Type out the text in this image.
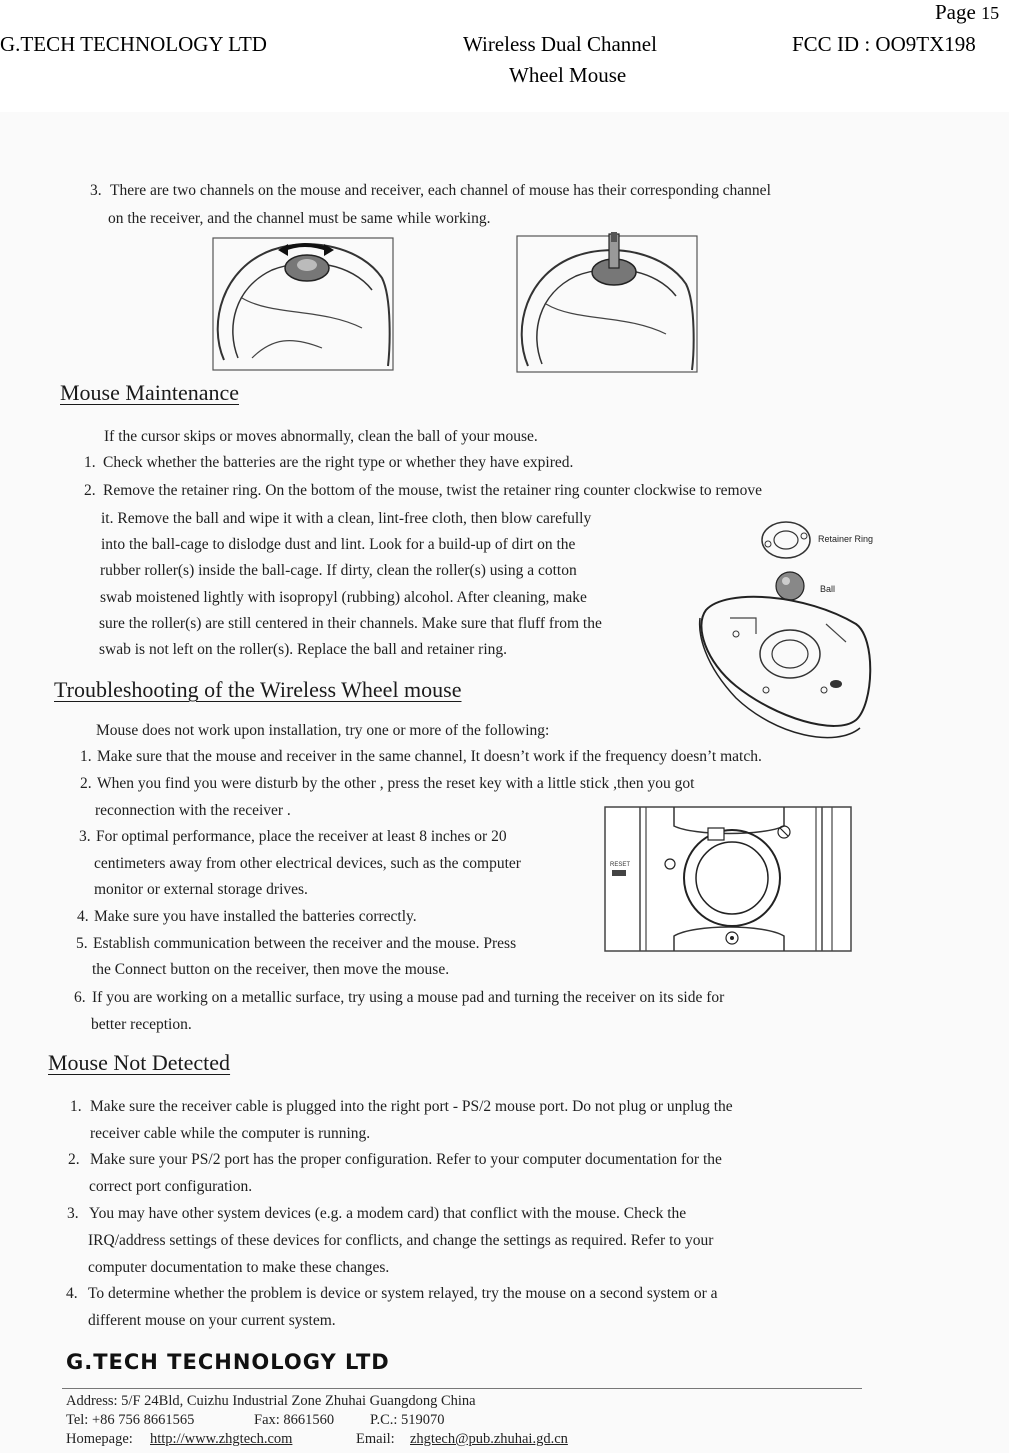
Page 15
G.TECH TECHNOLOGY LTD	Wireless Dual Channel
Wheel Mouse
FCC ID : OO9TX198
3. There are two channels on the mouse and receiver, each channel of mouse has their corresponding channel
on the receiver, and the channel must be same while working.
Mouse Maintenance
If the cursor skips or moves abnormally, clean the ball of your mouse.
1. Check whether the batteries are the right type or whether they have expired.
2. Remove the retainer ring. On the bottom of the mouse, twist the retainer ring counter clockwise to remove
it. Remove the ball and wipe it with a clean, lint-free cloth, then blow carefully
into the ball-cage to dislodge dust and lint. Look for a build-up of dirt on the
rubber roller(s) inside the ball-cage. If dirty, clean the roller(s) using a cotton
swab moistened lightly with isopropyl (rubbing) alcohol. After cleaning, make
sure the roller(s) are still centered in their channels. Make sure that fluff from the
swab is not left on the roller(s). Replace the ball and retainer ring.
Retainer Ring
Ball
Troubleshooting of the Wireless Wheel mouse
Mouse does not work upon installation, try one or more of the following:
1. Make sure that the mouse and receiver in the same channel, It doesn’t work if the frequency doesn’t match.
2. When you find you were disturb by the other , press the reset key with a little stick ,then you got
reconnection with the receiver .
3. For optimal performance, place the receiver at least 8 inches or 20
centimeters away from other electrical devices, such as the computer
monitor or external storage drives.
4. Make sure you have installed the batteries correctly.
5. Establish communication between the receiver and the mouse. Press
the Connect button on the receiver, then move the mouse.
6. If you are working on a metallic surface, try using a mouse pad and turning the receiver on its side for
better reception.
RESET
Mouse Not Detected
1. Make sure the receiver cable is plugged into the right port - PS/2 mouse port. Do not plug or unplug the
receiver cable while the computer is running.
2. Make sure your PS/2 port has the proper configuration. Refer to your computer documentation for the
correct port configuration.
3. You may have other system devices (e.g. a modem card) that conflict with the mouse. Check the
IRQ/address settings of these devices for conflicts, and change the settings as required. Refer to your
computer documentation to make these changes.
4. To determine whether the problem is device or system relayed, try the mouse on a second system or a
different mouse on your current system.
G.TECH TECHNOLOGY LTD
Address: 5/F 24Bld, Cuizhu Industrial Zone Zhuhai Guangdong China
Tel: +86 756 8661565	Fax: 8661560 P.C.: 519070
Homepage: http://www.zhgtech.com	Email: zhgtech@pub.zhuhai.gd.cn
